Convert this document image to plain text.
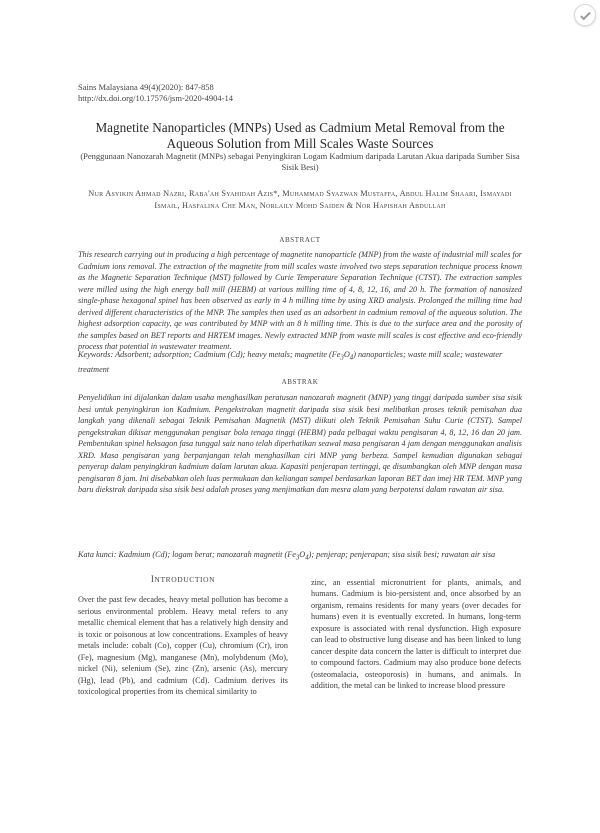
Sains Malaysiana 49(4)(2020): 847-858
http://dx.doi.org/10.17576/jsm-2020-4904-14
Magnetite Nanoparticles (MNPs) Used as Cadmium Metal Removal from the Aqueous Solution from Mill Scales Waste Sources
(Penggunaan Nanozarah Magnetit (MNPs) sebagai Penyingkiran Logam Kadmium daripada Larutan Akua daripada Sumber Sisa Sisik Besi)
Nur Asyikin Ahmad Nazri, Raba'ah Syahidah Azis*, Muhammad Syazwan Mustaffa, Abdul Halim Shaari, Ismayadi Ismail, Hasfalina Che Man, Norlaily Mohd Saiden & Nor Hapishah Abdullah
ABSTRACT
This research carrying out in producing a high percentage of magnetite nanoparticle (MNP) from the waste of industrial mill scales for Cadmium ions removal. The extraction of the magnetite from mill scales waste involved two steps separation technique process known as the Magnetic Separation Technique (MST) followed by Curie Temperature Separation Technique (CTST). The extraction samples were milled using the high energy ball mill (HEBM) at various milling time of 4, 8, 12, 16, and 20 h. The formation of nanosized single-phase hexagonal spinel has been observed as early in 4 h milling time by using XRD analysis. Prolonged the milling time had derived different characteristics of the MNP. The samples then used as an adsorbent in cadmium removal of the aqueous solution. The highest adsorption capacity, qe was contributed by MNP with an 8 h milling time. This is due to the surface area and the porosity of the samples based on BET reports and HRTEM images. Newly extracted MNP from waste mill scales is cost effective and eco-friendly process that potential in wastewater treatment.
Keywords: Adsorbent; adsorption; Cadmium (Cd); heavy metals; magnetite $(Fe_3O_4)$ nanoparticles; waste mill scale; wastewater treatment
ABSTRAK
Penyelidikan ini dijalankan dalam usaha menghasilkan peratusan nanozarah magnetit (MNP) yang tinggi daripada sumber sisa sisik besi untuk penyingkiran ion Kadmium. Pengekstrakan magnetit daripada sisa sisik besi melibatkan proses teknik pemisahan dua langkah yang dikenali sebagai Teknik Pemisahan Magnetik (MST) diikuti oleh Teknik Pemisahan Suhu Curie (CTST). Sampel pengekstrakan dikisar menggunakan pengisar bola tenaga tinggi (HEBM) pada pelbagai waktu pengisaran 4, 8, 12, 16 dan 20 jam. Pembentukan spinel heksagon fasa tunggal saiz nano telah diperhatikan seawal masa pengisaran 4 jam dengan menggunakan analisis XRD. Masa pengisaran yang berpanjangan telah menghasilkan ciri MNP yang berbeza. Sampel kemudian digunakan sebagai penyerap dalam penyingkiran kadmium dalam larutan akua. Kapasiti penjerapan tertinggi, qe disumbangkan oleh MNP dengan masa pengisaran 8 jam. Ini disebabkan oleh luas permukaan dan keliangan sampel berdasarkan laporan BET dan imej HR TEM. MNP yang baru diekstrak daripada sisa sisik besi adalah proses yang menjimatkan dan mesra alam yang berpotensi dalam rawatan air sisa.
Kata kunci: Kadmium (Cd); logam berat; nanozarah magnetit $(Fe_3O_4)$; penjerap; penjerapan; sisa sisik besi; rawatan air sisa
INTRODUCTION

Over the past few decades, heavy metal pollution has become a serious environmental problem. Heavy metal refers to any metallic chemical element that has a relatively high density and is toxic or poisonous at low concentrations. Examples of heavy metals include: cobalt (Co), copper (Cu), chromium (Cr), iron (Fe), magnesium (Mg), manganese (Mn), molybdenum (Mo), nickel (Ni), selenium (Se), zinc (Zn), arsenic (As), mercury (Hg), lead (Pb), and cadmium (Cd). Cadmium derives its toxicological properties from its chemical similarity to

zinc, an essential micronutrient for plants, animals, and humans. Cadmium is bio-persistent and, once absorbed by an organism, remains residents for many years (over decades for humans) even it is eventually excreted. In humans, long-term exposure is associated with renal dysfunction. High exposure can lead to obstructive lung disease and has been linked to lung cancer despite data concern the latter is difficult to interpret due to compound factors. Cadmium may also produce bone defects (osteomalacia, osteoporosis) in humans, and animals. In addition, the metal can be linked to increase blood pressure
